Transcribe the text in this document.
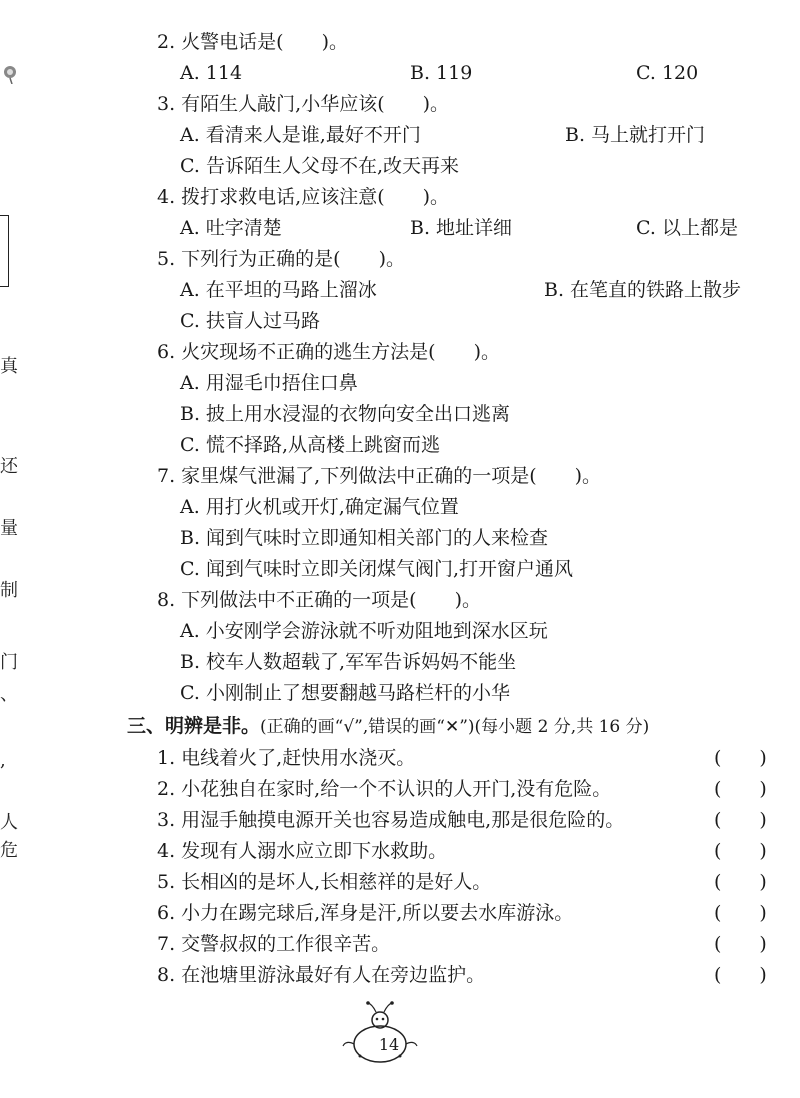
真
还
量
制
门
、
,
人
危
2. 火警电话是(　　)。
A. 114	B. 119	C. 120
3. 有陌生人敲门,小华应该(　　)。
A. 看清来人是谁,最好不开门	B. 马上就打开门
C. 告诉陌生人父母不在,改天再来
4. 拨打求救电话,应该注意(　　)。
A. 吐字清楚	B. 地址详细	C. 以上都是
5. 下列行为正确的是(　　)。
A. 在平坦的马路上溜冰	B. 在笔直的铁路上散步
C. 扶盲人过马路
6. 火灾现场不正确的逃生方法是(　　)。
A. 用湿毛巾捂住口鼻
B. 披上用水浸湿的衣物向安全出口逃离
C. 慌不择路,从高楼上跳窗而逃
7. 家里煤气泄漏了,下列做法中正确的一项是(　　)。
A. 用打火机或开灯,确定漏气位置
B. 闻到气味时立即通知相关部门的人来检查
C. 闻到气味时立即关闭煤气阀门,打开窗户通风
8. 下列做法中不正确的一项是(　　)。
A. 小安刚学会游泳就不听劝阻地到深水区玩
B. 校车人数超载了,军军告诉妈妈不能坐
C. 小刚制止了想要翻越马路栏杆的小华
三、明辨是非。(正确的画“√”,错误的画“✕”)(每小题 2 分,共 16 分)
1. 电线着火了,赶快用水浇灭。	(　　)
2. 小花独自在家时,给一个不认识的人开门,没有危险。	(　　)
3. 用湿手触摸电源开关也容易造成触电,那是很危险的。	(　　)
4. 发现有人溺水应立即下水救助。	(　　)
5. 长相凶的是坏人,长相慈祥的是好人。	(　　)
6. 小力在踢完球后,浑身是汗,所以要去水库游泳。	(　　)
7. 交警叔叔的工作很辛苦。	(　　)
8. 在池塘里游泳最好有人在旁边监护。	(　　)
14
